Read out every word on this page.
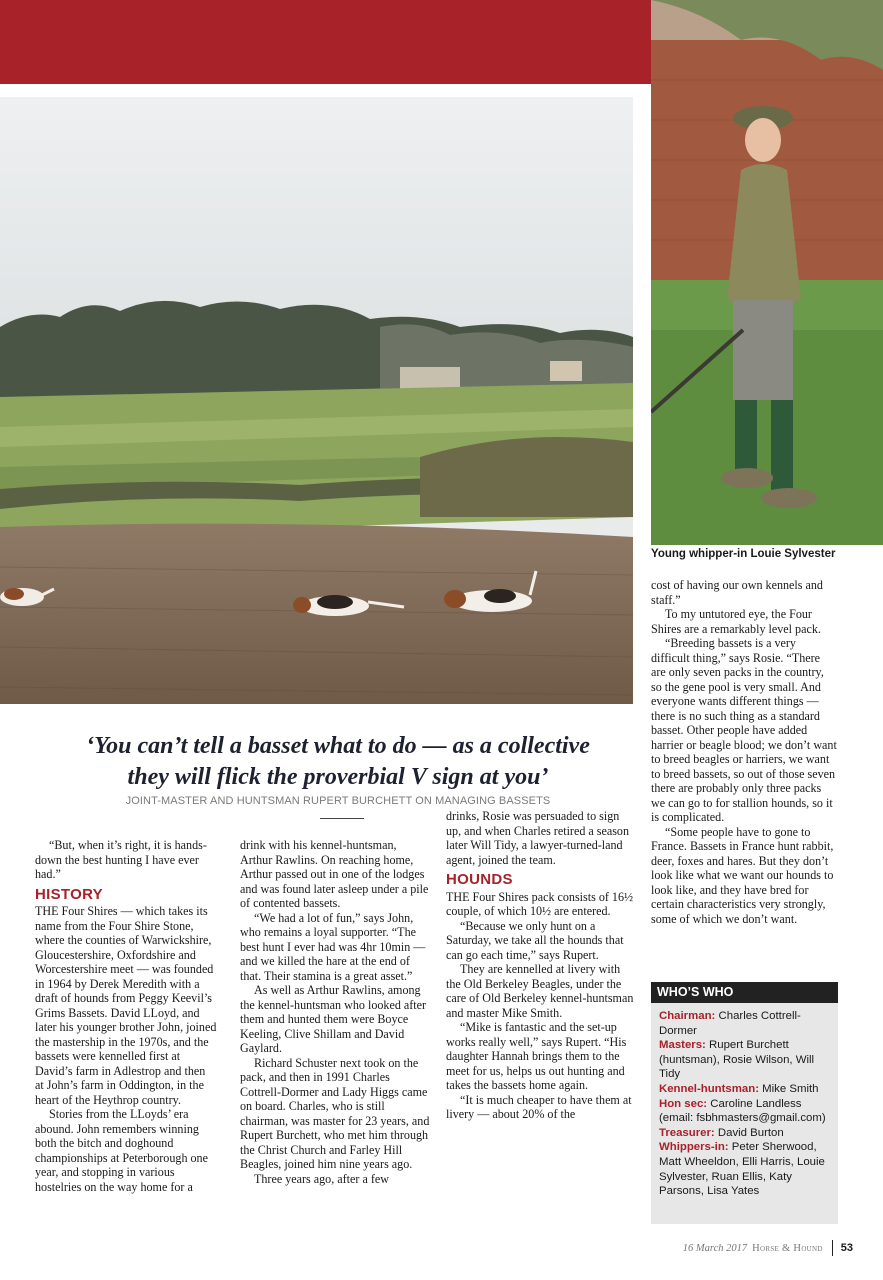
Young whipper-in Louie Sylvester
‘You can’t tell a basset what to do — as a collective
they will flick the proverbial V sign at you’
JOINT-MASTER AND HUNTSMAN RUPERT BURCHETT ON MANAGING BASSETS

“But, when it’s right, it is hands-down the best hunting I have ever had.”

HISTORY

THE Four Shires — which takes its name from the Four Shire Stone, where the counties of Warwickshire, Gloucestershire, Oxfordshire and Worcestershire meet — was founded in 1964 by Derek Meredith with a draft of hounds from Peggy Keevil’s Grims Bassets. David LLoyd, and later his younger brother John, joined the mastership in the 1970s, and the bassets were kennelled first at David’s farm in Adlestrop and then at John’s farm in Oddington, in the heart of the Heythrop country.

Stories from the LLoyds’ era abound. John remembers winning both the bitch and doghound championships at Peterborough one year, and stopping in various hostelries on the way home for a

drink with his kennel-huntsman, Arthur Rawlins. On reaching home, Arthur passed out in one of the lodges and was found later asleep under a pile of contented bassets.

“We had a lot of fun,” says John, who remains a loyal supporter. “The best hunt I ever had was 4hr 10min — and we killed the hare at the end of that. Their stamina is a great asset.”

As well as Arthur Rawlins, among the kennel-huntsman who looked after them and hunted them were Boyce Keeling, Clive Shillam and David Gaylard.

Richard Schuster next took on the pack, and then in 1991 Charles Cottrell-Dormer and Lady Higgs came on board. Charles, who is still chairman, was master for 23 years, and Rupert Burchett, who met him through the Christ Church and Farley Hill Beagles, joined him nine years ago.

Three years ago, after a few

drinks, Rosie was persuaded to sign up, and when Charles retired a season later Will Tidy, a lawyer-turned-land agent, joined the team.

HOUNDS

THE Four Shires pack consists of 16½ couple, of which 10½ are entered.

“Because we only hunt on a Saturday, we take all the hounds that can go each time,” says Rupert.

They are kennelled at livery with the Old Berkeley Beagles, under the care of Old Berkeley kennel-huntsman and master Mike Smith.

“Mike is fantastic and the set-up works really well,” says Rupert. “His daughter Hannah brings them to the meet for us, helps us out hunting and takes the bassets home again.

“It is much cheaper to have them at livery — about 20% of the

cost of having our own kennels and staff.”

To my untutored eye, the Four Shires are a remarkably level pack.

“Breeding bassets is a very difficult thing,” says Rosie. “There are only seven packs in the country, so the gene pool is very small. And everyone wants different things — there is no such thing as a standard basset. Other people have added harrier or beagle blood; we don’t want to breed beagles or harriers, we want to breed bassets, so out of those seven there are probably only three packs we can go to for stallion hounds, so it is complicated.

“Some people have to gone to France. Bassets in France hunt rabbit, deer, foxes and hares. But they don’t look like what we want our hounds to look like, and they have bred for certain characteristics very strongly, some of which we don’t want.

WHO’S WHO

Chairman: Charles Cottrell-Dormer

Masters: Rupert Burchett (huntsman), Rosie Wilson, Will Tidy

Kennel-huntsman: Mike Smith

Hon sec: Caroline Landless (email: fsbhmasters@gmail.com)

Treasurer: David Burton

Whippers-in: Peter Sherwood, Matt Wheeldon, Elli Harris, Louie Sylvester, Ruan Ellis, Katy Parsons, Lisa Yates

16 March 2017 Horse & Hound 53
